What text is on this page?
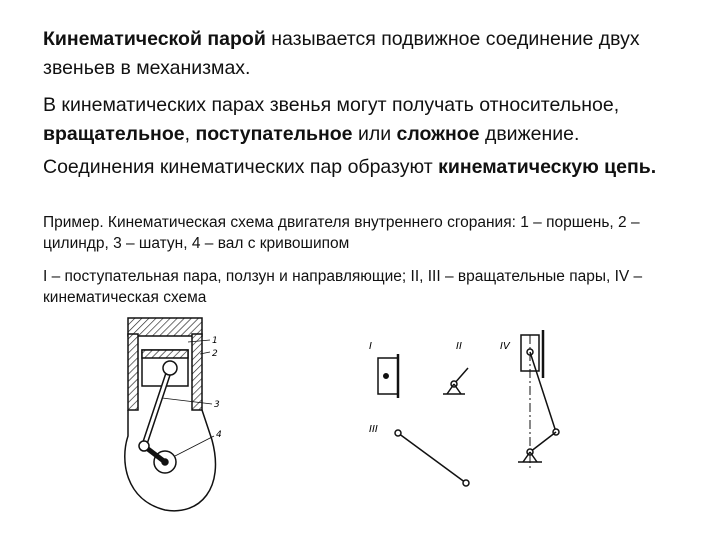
Кинематической парой называется подвижное соединение двух звеньев в механизмах.

В кинематических парах звенья могут получать относительное, вращательное, поступательное или сложное движение.

Соединения кинематических пар образуют кинематическую цепь.

Пример. Кинематическая схема двигателя внутреннего сгорания: 1 – поршень, 2 – цилиндр, 3 – шатун, 4 – вал с кривошипом

I – поступательная пара, ползун и направляющие; II, III – вращательные пары, IV – кинематическая схема

1
2
3
4
I	II
III
IV
